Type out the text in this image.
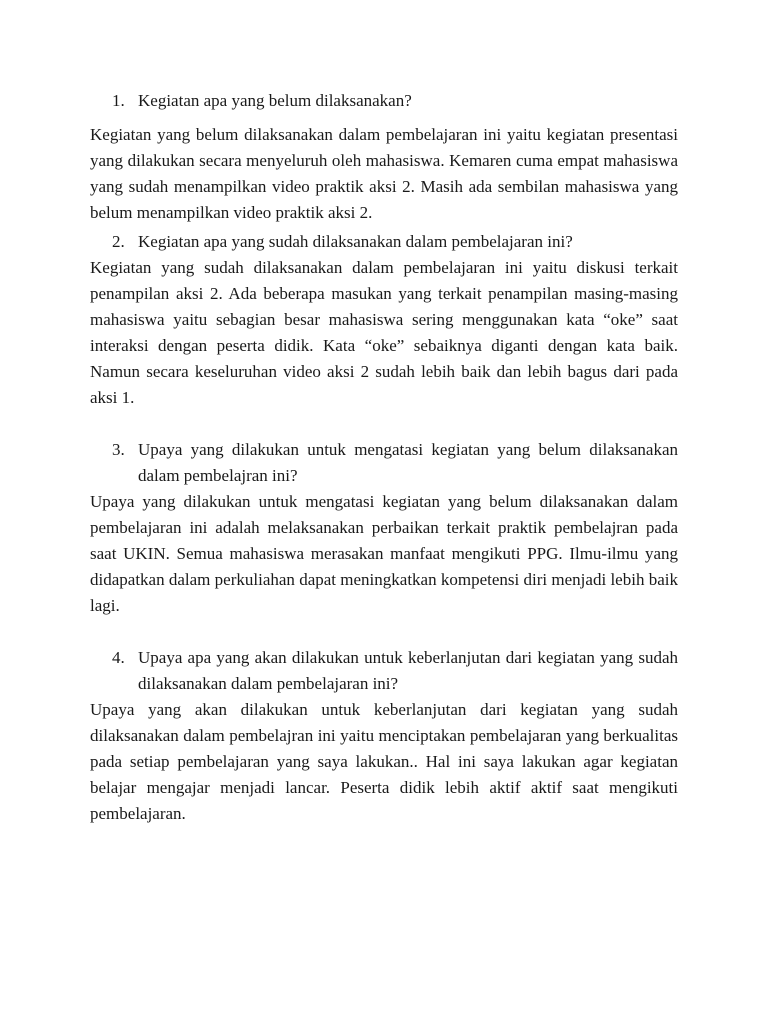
1. Kegiatan apa yang belum dilaksanakan?

Kegiatan yang belum dilaksanakan dalam pembelajaran ini yaitu kegiatan presentasi yang dilakukan secara menyeluruh oleh mahasiswa. Kemaren cuma empat mahasiswa yang sudah menampilkan video praktik aksi 2. Masih ada sembilan mahasiswa yang belum menampilkan video praktik aksi 2.

2. Kegiatan apa yang sudah dilaksanakan dalam pembelajaran ini?

Kegiatan yang sudah dilaksanakan dalam pembelajaran ini yaitu diskusi terkait penampilan aksi 2. Ada beberapa masukan yang terkait penampilan masing-masing mahasiswa yaitu sebagian besar mahasiswa sering menggunakan kata “oke” saat interaksi dengan peserta didik. Kata “oke” sebaiknya diganti dengan kata baik. Namun secara keseluruhan video aksi 2 sudah lebih baik dan lebih bagus dari pada aksi 1.

3. Upaya yang dilakukan untuk mengatasi kegiatan yang belum dilaksanakan dalam pembelajran ini?

Upaya yang dilakukan untuk mengatasi kegiatan yang belum dilaksanakan dalam pembelajaran ini adalah melaksanakan perbaikan terkait praktik pembelajran pada saat UKIN. Semua mahasiswa merasakan manfaat mengikuti PPG. Ilmu-ilmu yang didapatkan dalam perkuliahan dapat meningkatkan kompetensi diri menjadi lebih baik lagi.

4. Upaya apa yang akan dilakukan untuk keberlanjutan dari kegiatan yang sudah dilaksanakan dalam pembelajaran ini?

Upaya yang akan dilakukan untuk keberlanjutan dari kegiatan yang sudah dilaksanakan dalam pembelajran ini yaitu menciptakan pembelajaran yang berkualitas pada setiap pembelajaran yang saya lakukan.. Hal ini saya lakukan agar kegiatan belajar mengajar menjadi lancar. Peserta didik lebih aktif aktif saat mengikuti pembelajaran.
